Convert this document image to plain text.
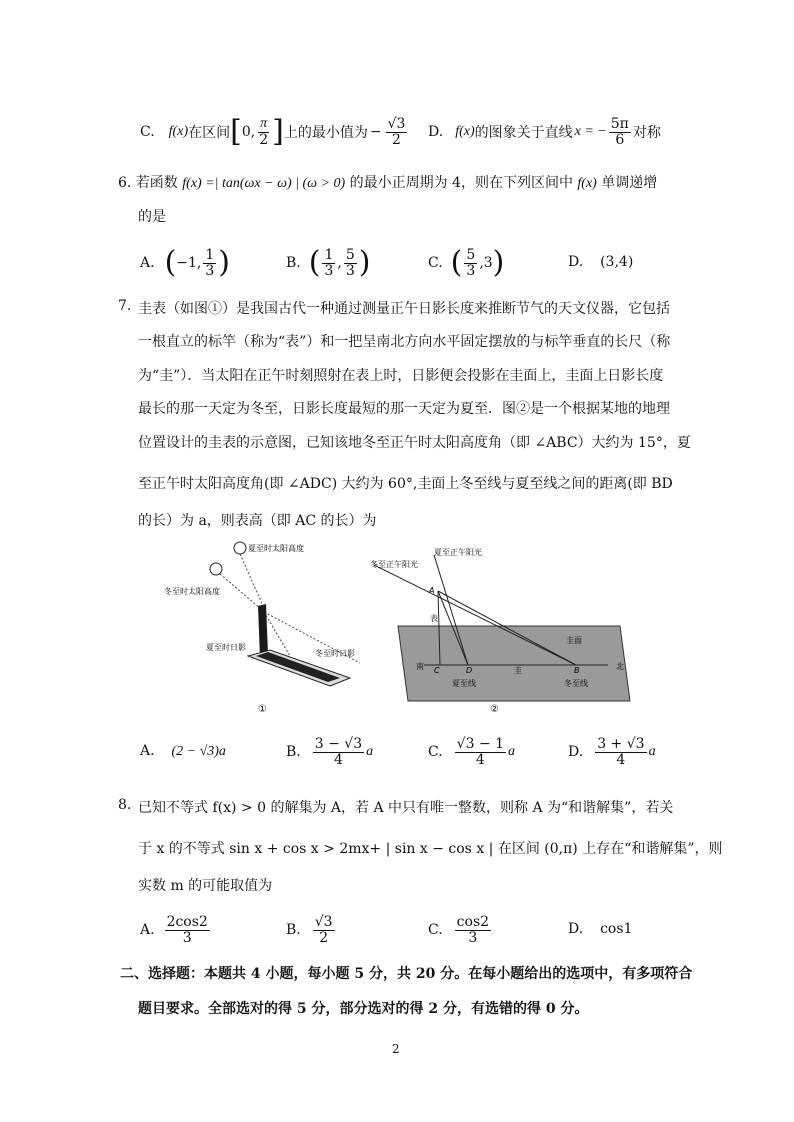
C. f(x) 在区间 [ 0, $\frac{\pi}{2}$ ] 上的最小值为 − $\frac{√3}{2} D$. f(x) 的图象关于直线 x = − $\frac{5\pi}{6}$ 对称
6. 若函数 f(x) =| tan(ωx − ω) | (ω > 0) 的最小正周期为 4，则在下列区间中 f(x) 单调递增
的是
A. ( −1, $\frac{1}{3}$ )	B. ( $\frac{1}{3}$ , $\frac{5}{3}$ )	C. ( $\frac{5}{3} ,3$ )	D. (3,4)
7. 圭表（如图①）是我国古代一种通过测量正午日影长度来推断节气的天文仪器，它包括
一根直立的标竿（称为“表”）和一把呈南北方向水平固定摆放的与标竿垂直的长尺（称
为“圭”）．当太阳在正午时刻照射在表上时，日影便会投影在圭面上，圭面上日影长度
最长的那一天定为冬至，日影长度最短的那一天定为夏至．图②是一个根据某地的地理
位置设计的圭表的示意图，已知该地冬至正午时太阳高度角（即 ∠ABC）大约为 15°，夏
至正午时太阳高度角(即 ∠ADC) 大约为 60°,圭面上冬至线与夏至线之间的距离(即 BD
的长）为 a，则表高（即 AC 的长）为
夏至时太阳高度
冬至时太阳高度
夏至时日影
冬至时日影
①
冬至正午阳光
夏至正午阳光
A
表
圭面
南 C	D	圭	B	北
夏至线	冬至线
②
A. (2 − √3)a	B. $\frac{3 - √3}{4}$ a	C. $\frac{√3 - 1}{4}$ a	D. $\frac{3 + √3}{4}$ a
8. 已知不等式 f(x) > 0 的解集为 A，若 A 中只有唯一整数，则称 A 为“和谐解集”，若关
于 x 的不等式 sin x + cos x > 2mx+ | sin x − cos x | 在区间 (0,π) 上存在“和谐解集”，则
实数 m 的可能取值为
A. $\frac{2\cos 2}{3}$	B. $\frac{√3}{2}$	C. $\frac{\cos 2}{3}$	D. cos1
二、选择题：本题共 4 小题，每小题 5 分，共 20 分。在每小题给出的选项中，有多项符合
题目要求。全部选对的得 5 分，部分选对的得 2 分，有选错的得 0 分。
2
